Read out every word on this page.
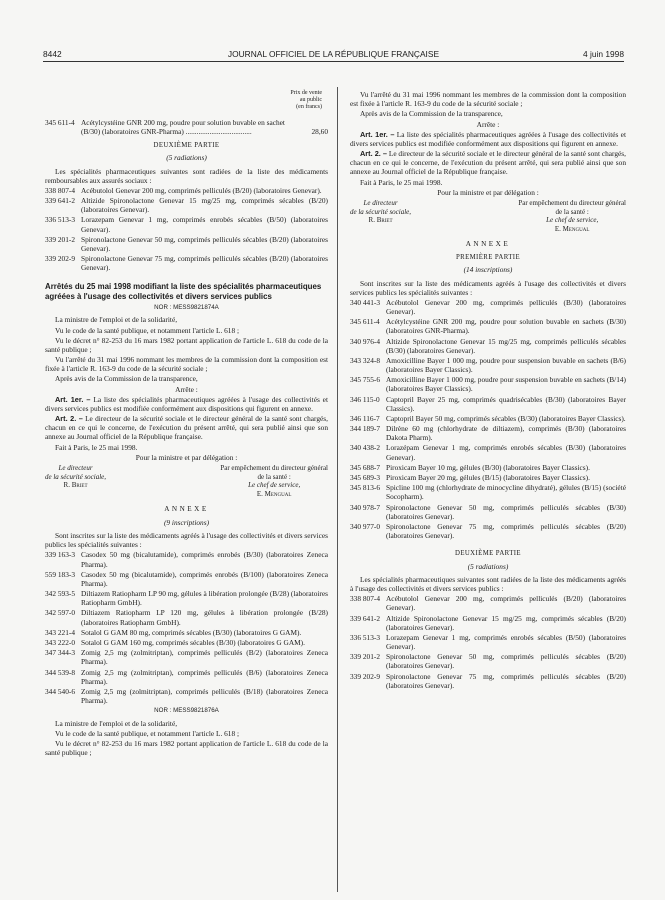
8442	JOURNAL OFFICIEL DE LA RÉPUBLIQUE FRANÇAISE	4 juin 1998
Prix de vente
au public
(en francs)
345 611-4 Acétylcystéine GNR 200 mg, poudre pour solution buvable en sachet (B/30) (laboratoires GNR-Pharma) ....................................	28,60
DEUXIÈME PARTIE
(5 radiations)

Les spécialités pharmaceutiques suivantes sont radiées de la liste des médicaments remboursables aux assurés sociaux :

338 807-4 Acébutolol Genevar 200 mg, comprimés pelliculés (B/20) (laboratoires Genevar).
339 641-2 Altizide Spironolactone Genevar 15 mg/25 mg, comprimés sécables (B/20) (laboratoires Genevar).
336 513-3 Lorazepam Genevar 1 mg, comprimés enrobés sécables (B/50) (laboratoires Genevar).
339 201-2 Spironolactone Genevar 50 mg, comprimés pelliculés sécables (B/20) (laboratoires Genevar).
339 202-9 Spironolactone Genevar 75 mg, comprimés pelliculés sécables (B/20) (laboratoires Genevar).
Arrêtés du 25 mai 1998 modifiant la liste des spécialités pharmaceutiques agréées à l'usage des collectivités et divers services publics
NOR : MESS9821874A

La ministre de l'emploi et de la solidarité,

Vu le code de la santé publique, et notamment l'article L. 618 ;

Vu le décret n° 82-253 du 16 mars 1982 portant application de l'article L. 618 du code de la santé publique ;

Vu l'arrêté du 31 mai 1996 nommant les membres de la commission dont la composition est fixée à l'article R. 163-9 du code de la sécurité sociale ;

Après avis de la Commission de la transparence,

Arrête :

Art. 1er. – La liste des spécialités pharmaceutiques agréées à l'usage des collectivités et divers services publics est modifiée conformément aux dispositions qui figurent en annexe.

Art. 2. – Le directeur de la sécurité sociale et le directeur général de la santé sont chargés, chacun en ce qui le concerne, de l'exécution du présent arrêté, qui sera publié ainsi que son annexe au Journal officiel de la République française.

Fait à Paris, le 25 mai 1998.

Pour la ministre et par délégation :

Le directeur
de la sécurité sociale,
R. Briet
Par empêchement du directeur général
de la santé :
Le chef de service,
E. Mengual
ANNEXE
(9 inscriptions)

Sont inscrites sur la liste des médicaments agréés à l'usage des collectivités et divers services publics les spécialités suivantes :

339 163-3 Casodex 50 mg (bicalutamide), comprimés enrobés (B/30) (laboratoires Zeneca Pharma).
559 183-3 Casodex 50 mg (bicalutamide), comprimés enrobés (B/100) (laboratoires Zeneca Pharma).
342 593-5 Diltiazem Ratiopharm LP 90 mg, gélules à libération prolongée (B/28) (laboratoires Ratiopharm GmbH).
342 597-0 Diltiazem Ratiopharm LP 120 mg, gélules à libération prolongée (B/28) (laboratoires Ratiopharm GmbH).
343 221-4 Sotalol G GAM 80 mg, comprimés sécables (B/30) (laboratoires G GAM).
343 222-0 Sotalol G GAM 160 mg, comprimés sécables (B/30) (laboratoires G GAM).
347 344-3 Zomig 2,5 mg (zolmitriptan), comprimés pelliculés (B/2) (laboratoires Zeneca Pharma).
344 539-8 Zomig 2,5 mg (zolmitriptan), comprimés pelliculés (B/6) (laboratoires Zeneca Pharma).
344 540-6 Zomig 2,5 mg (zolmitriptan), comprimés pelliculés (B/18) (laboratoires Zeneca Pharma).
NOR : MESS9821876A

La ministre de l'emploi et de la solidarité,

Vu le code de la santé publique, et notamment l'article L. 618 ;

Vu le décret n° 82-253 du 16 mars 1982 portant application de l'article L. 618 du code de la santé publique ;

Vu l'arrêté du 31 mai 1996 nommant les membres de la commission dont la composition est fixée à l'article R. 163-9 du code de la sécurité sociale ;

Après avis de la Commission de la transparence,

Arrête :

Art. 1er. – La liste des spécialités pharmaceutiques agréées à l'usage des collectivités et divers services publics est modifiée conformément aux dispositions qui figurent en annexe.

Art. 2. – Le directeur de la sécurité sociale et le directeur général de la santé sont chargés, chacun en ce qui le concerne, de l'exécution du présent arrêté, qui sera publié ainsi que son annexe au Journal officiel de la République française.

Fait à Paris, le 25 mai 1998.

Pour la ministre et par délégation :

Le directeur
de la sécurité sociale,
R. Briet
Par empêchement du directeur général
de la santé :
Le chef de service,
E. Mengual
ANNEXE
PREMIÈRE PARTIE
(14 inscriptions)

Sont inscrites sur la liste des médicaments agréés à l'usage des collectivités et divers services publics les spécialités suivantes :

340 441-3 Acébutolol Genevar 200 mg, comprimés pelliculés (B/30) (laboratoires Genevar).
345 611-4 Acétylcystéine GNR 200 mg, poudre pour solution buvable en sachets (B/30) (laboratoires GNR-Pharma).
340 976-4 Altizide Spironolactone Genevar 15 mg/25 mg, comprimés pelliculés sécables (B/30) (laboratoires Genevar).
343 324-8 Amoxicilline Bayer 1 000 mg, poudre pour suspension buvable en sachets (B/6) (laboratoires Bayer Classics).
345 755-6 Amoxicilline Bayer 1 000 mg, poudre pour suspension buvable en sachets (B/14) (laboratoires Bayer Classics).
346 115-0 Captopril Bayer 25 mg, comprimés quadrisécables (B/30) (laboratoires Bayer Classics).
346 116-7 Captopril Bayer 50 mg, comprimés sécables (B/30) (laboratoires Bayer Classics).
344 189-7 Dilrène 60 mg (chlorhydrate de diltiazem), comprimés (B/30) (laboratoires Dakota Pharm).
340 438-2 Lorazépam Genevar 1 mg, comprimés enrobés sécables (B/30) (laboratoires Genevar).
345 688-7 Piroxicam Bayer 10 mg, gélules (B/30) (laboratoires Bayer Classics).
345 689-3 Piroxicam Bayer 20 mg, gélules (B/15) (laboratoires Bayer Classics).
345 813-6 Spicline 100 mg (chlorhydrate de minocycline dihydraté), gélules (B/15) (société Socopharm).
340 978-7 Spironolactone Genevar 50 mg, comprimés pelliculés sécables (B/30) (laboratoires Genevar).
340 977-0 Spironolactone Genevar 75 mg, comprimés pelliculés sécables (B/20) (laboratoires Genevar).
DEUXIÈME PARTIE
(5 radiations)

Les spécialités pharmaceutiques suivantes sont radiées de la liste des médicaments agréés à l'usage des collectivités et divers services publics :

338 807-4 Acébutolol Genevar 200 mg, comprimés pelliculés (B/20) (laboratoires Genevar).
339 641-2 Altizide Spironolactone Genevar 15 mg/25 mg, comprimés sécables (B/20) (laboratoires Genevar).
336 513-3 Lorazepam Genevar 1 mg, comprimés enrobés sécables (B/50) (laboratoires Genevar).
339 201-2 Spironolactone Genevar 50 mg, comprimés pelliculés sécables (B/20) (laboratoires Genevar).
339 202-9 Spironolactone Genevar 75 mg, comprimés pelliculés sécables (B/20) (laboratoires Genevar).
